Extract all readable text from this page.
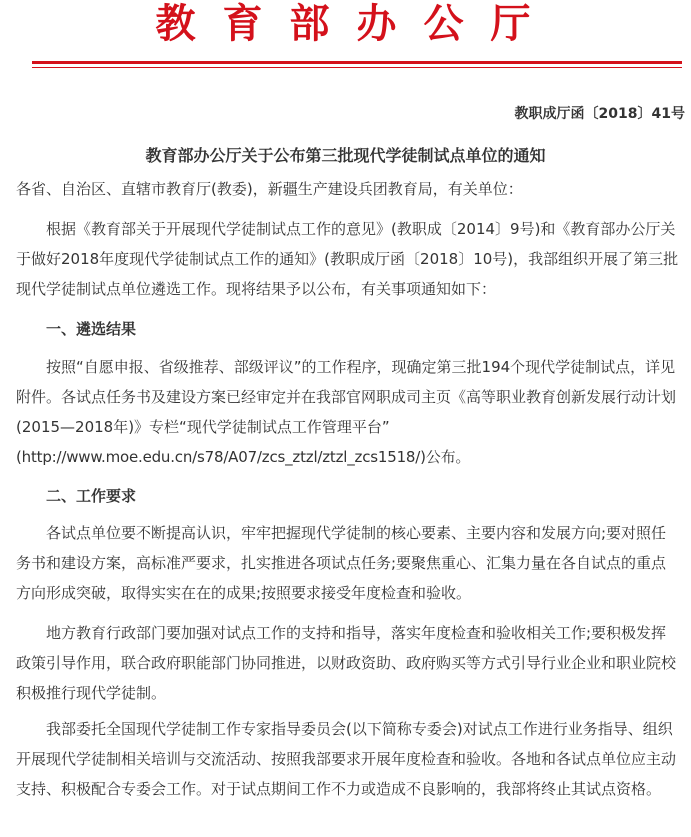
教育部办公厅
教职成厅函〔2018〕41号
教育部办公厅关于公布第三批现代学徒制试点单位的通知

各省、自治区、直辖市教育厅(教委)，新疆生产建设兵团教育局，有关单位：

根据《教育部关于开展现代学徒制试点工作的意见》(教职成〔2014〕9号)和《教育部办公厅关于做好2018年度现代学徒制试点工作的通知》(教职成厅函〔2018〕10号)，我部组织开展了第三批现代学徒制试点单位遴选工作。现将结果予以公布，有关事项通知如下：

一、遴选结果

按照“自愿申报、省级推荐、部级评议”的工作程序，现确定第三批194个现代学徒制试点，详见附件。各试点任务书及建设方案已经审定并在我部官网职成司主页《高等职业教育创新发展行动计划(2015—2018年)》专栏“现代学徒制试点工作管理平台”

(http://www.moe.edu.cn/s78/A07/zcs_ztzl/ztzl_zcs1518/)公布。

二、工作要求

各试点单位要不断提高认识，牢牢把握现代学徒制的核心要素、主要内容和发展方向;要对照任务书和建设方案，高标准严要求，扎实推进各项试点任务;要聚焦重心、汇集力量在各自试点的重点方向形成突破，取得实实在在的成果;按照要求接受年度检查和验收。

地方教育行政部门要加强对试点工作的支持和指导，落实年度检查和验收相关工作;要积极发挥政策引导作用，联合政府职能部门协同推进，以财政资助、政府购买等方式引导行业企业和职业院校积极推行现代学徒制。

我部委托全国现代学徒制工作专家指导委员会(以下简称专委会)对试点工作进行业务指导、组织开展现代学徒制相关培训与交流活动、按照我部要求开展年度检查和验收。各地和各试点单位应主动支持、积极配合专委会工作。对于试点期间工作不力或造成不良影响的，我部将终止其试点资格。
